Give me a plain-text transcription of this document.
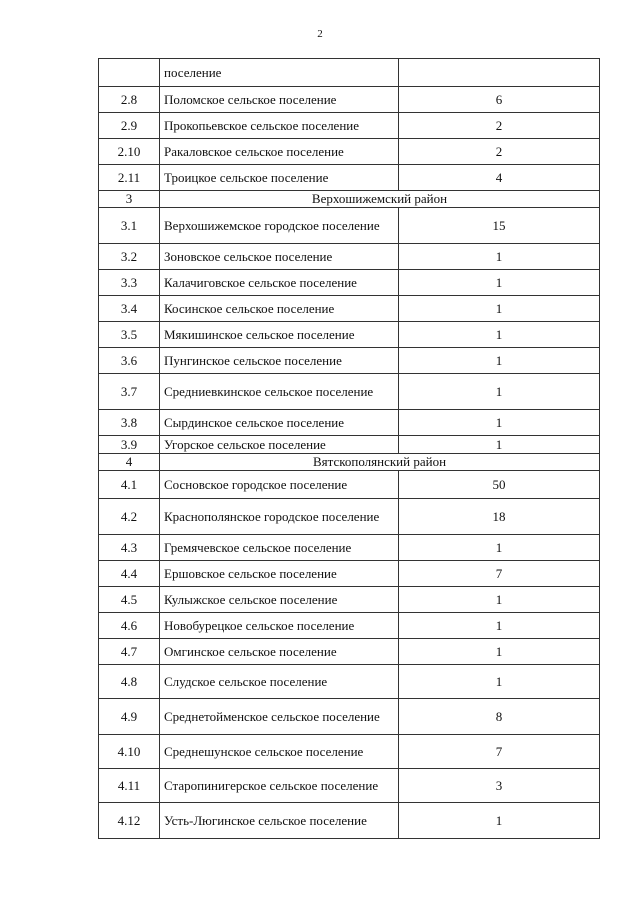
2
	поселение	
2.8	Поломское сельское поселение	6
2.9	Прокопьевское сельское поселение	2
2.10	Ракаловское сельское поселение	2
2.11	Троицкое сельское поселение	4
3	Верхошижемский район	
3.1	Верхошижемское городское поселение	15
3.2	Зоновское сельское поселение	1
3.3	Калачиговское сельское поселение	1
3.4	Косинское сельское поселение	1
3.5	Мякишинское сельское поселение	1
3.6	Пунгинское сельское поселение	1
3.7	Средниевкинское сельское поселение	1
3.8	Сырдинское сельское поселение	1
3.9	Угорское сельское поселение	1
4	Вятскополянский район	
4.1	Сосновское городское поселение	50
4.2	Краснополянское городское поселение	18
4.3	Гремячевское сельское поселение	1
4.4	Ершовское сельское поселение	7
4.5	Кулыжское сельское поселение	1
4.6	Новобурецкое сельское поселение	1
4.7	Омгинское сельское поселение	1
4.8	Слудское сельское поселение	1
4.9	Среднетойменское сельское поселение	8
4.10	Среднешунское сельское поселение	7
4.11	Старопинигерское сельское поселение	3
4.12	Усть-Люгинское сельское поселение	1
